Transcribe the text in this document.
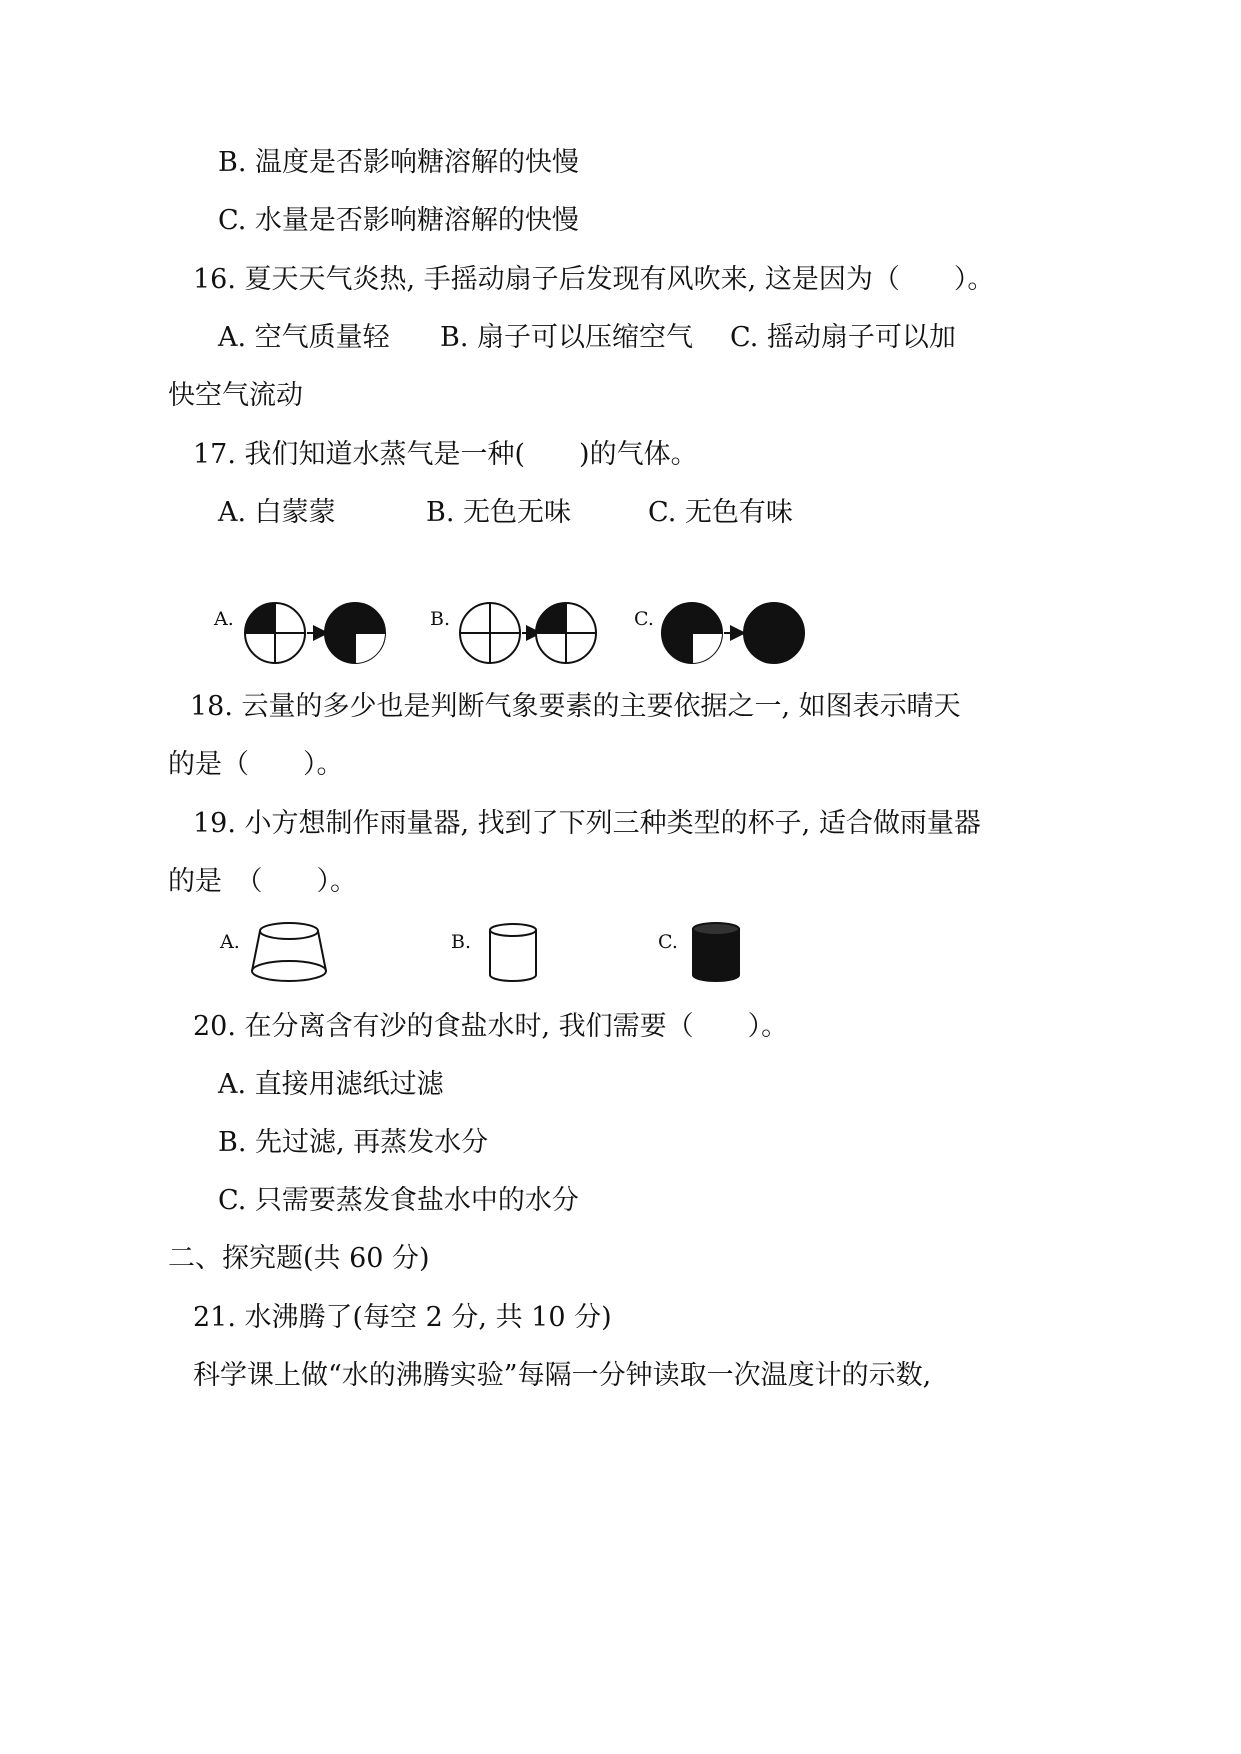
B. 温度是否影响糖溶解的快慢
C. 水量是否影响糖溶解的快慢
16. 夏天天气炎热, 手摇动扇子后发现有风吹来, 这是因为（　　）。
A. 空气质量轻 B. 扇子可以压缩空气 C. 摇动扇子可以加
快空气流动
17. 我们知道水蒸气是一种(　　)的气体。
A. 白蒙蒙	B. 无色无味	C. 无色有味
A.	B.	C.
18. 云量的多少也是判断气象要素的主要依据之一, 如图表示晴天
的是（　　）。
19. 小方想制作雨量器, 找到了下列三种类型的杯子, 适合做雨量器
的是　（　　）。
A.	B.	C.
20. 在分离含有沙的食盐水时, 我们需要（　　）。
A. 直接用滤纸过滤
B. 先过滤, 再蒸发水分
C. 只需要蒸发食盐水中的水分
二、探究题(共 60 分)
21. 水沸腾了(每空 2 分, 共 10 分)
科学课上做“水的沸腾实验”每隔一分钟读取一次温度计的示数,
